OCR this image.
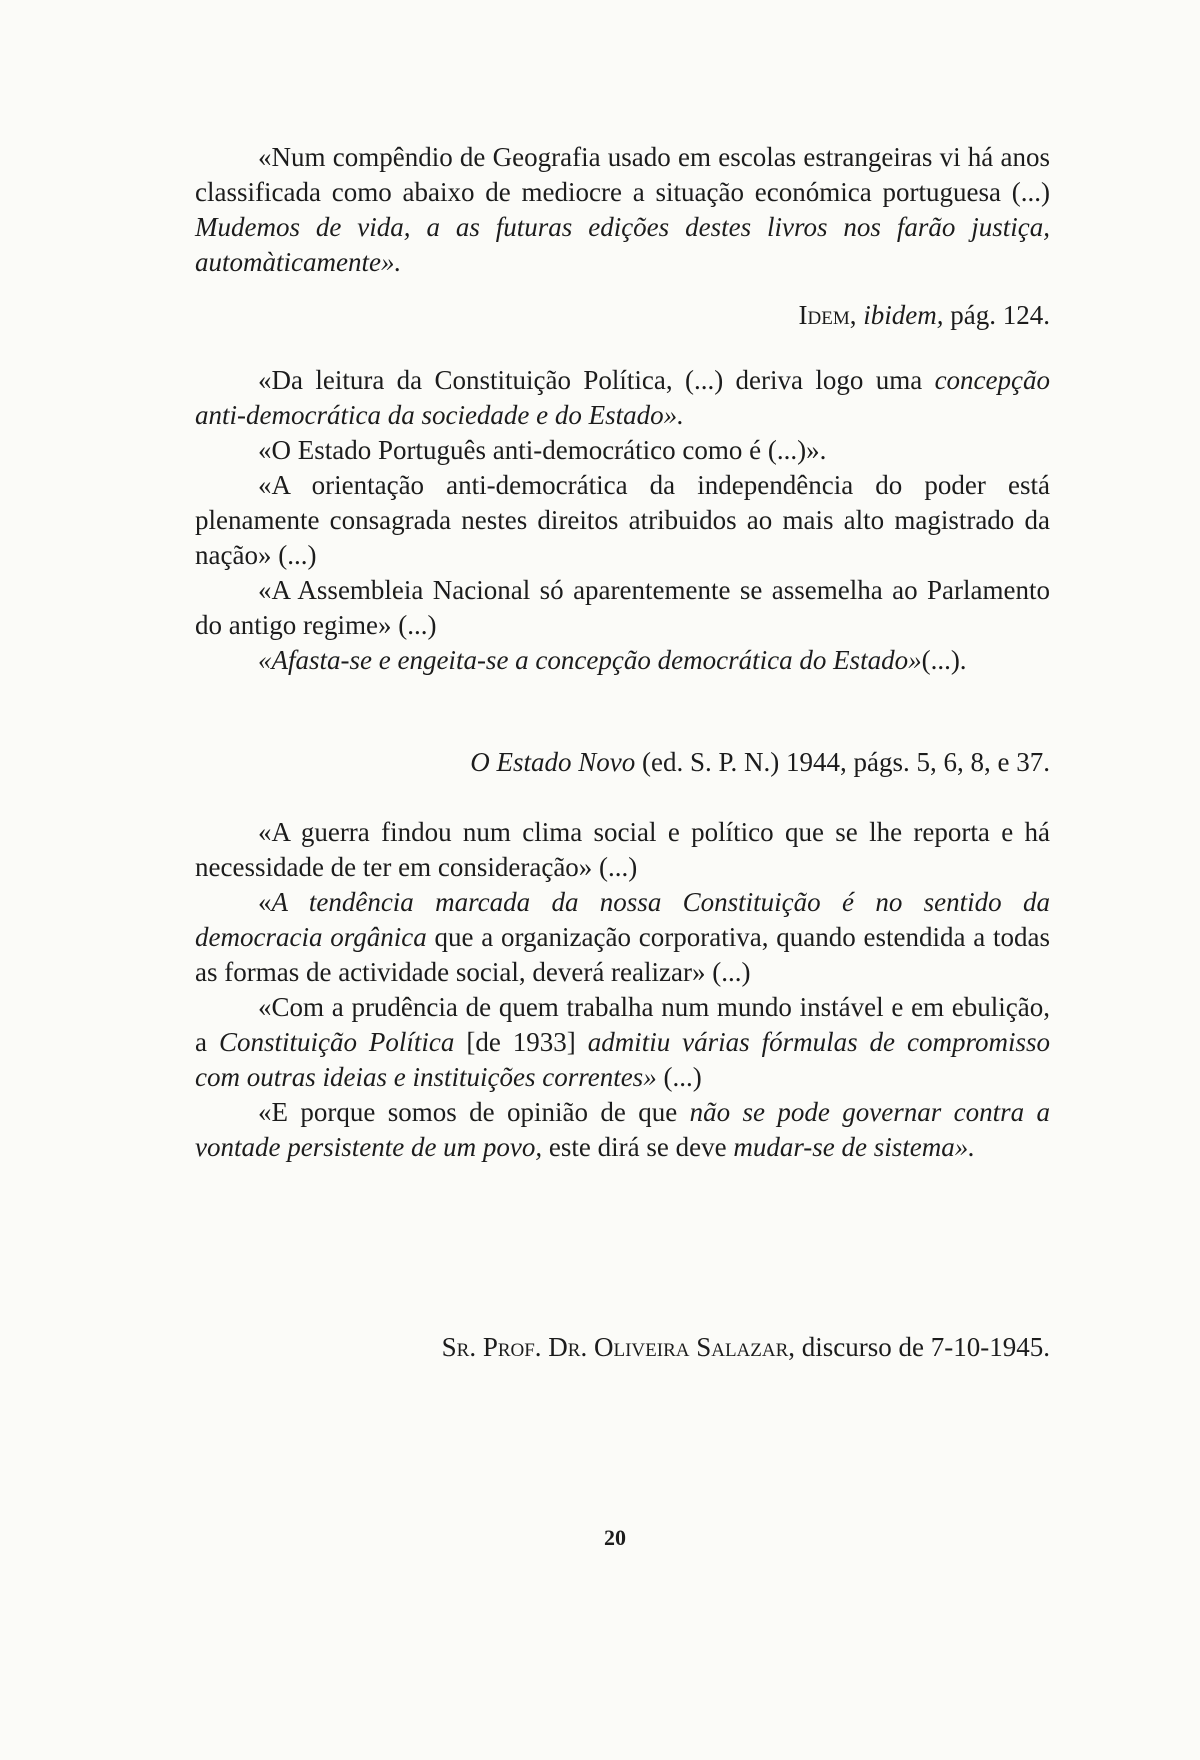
«Num compêndio de Geografia usado em escolas estrangeiras vi há anos classificada como abaixo de mediocre a situação económica portuguesa (...) Mudemos de vida, a as futuras edições destes livros nos farão justiça, automàticamente».

Idem, ibidem, pág. 124.

«Da leitura da Constituição Política, (...) deriva logo uma concepção anti-democrática da sociedade e do Estado».

«O Estado Português anti-democrático como é (...)».

«A orientação anti-democrática da independência do poder está plenamente consagrada nestes direitos atribuidos ao mais alto magistrado da nação» (...)

«A Assembleia Nacional só aparentemente se assemelha ao Parlamento do antigo regime» (...)

«Afasta-se e engeita-se a concepção democrática do Estado»(...).

O Estado Novo (ed. S. P. N.) 1944, págs. 5, 6, 8, e 37.

«A guerra findou num clima social e político que se lhe reporta e há necessidade de ter em consideração» (...)

«A tendência marcada da nossa Constituição é no sentido da democracia orgânica que a organização corporativa, quando estendida a todas as formas de actividade social, deverá realizar» (...)

«Com a prudência de quem trabalha num mundo instável e em ebulição, a Constituição Política [de 1933] admitiu várias fórmulas de compromisso com outras ideias e instituições correntes» (...)

«E porque somos de opinião de que não se pode governar contra a vontade persistente de um povo, este dirá se deve mudar-se de sistema».

Sr. Prof. Dr. Oliveira Salazar, discurso de 7-10-1945.
20
